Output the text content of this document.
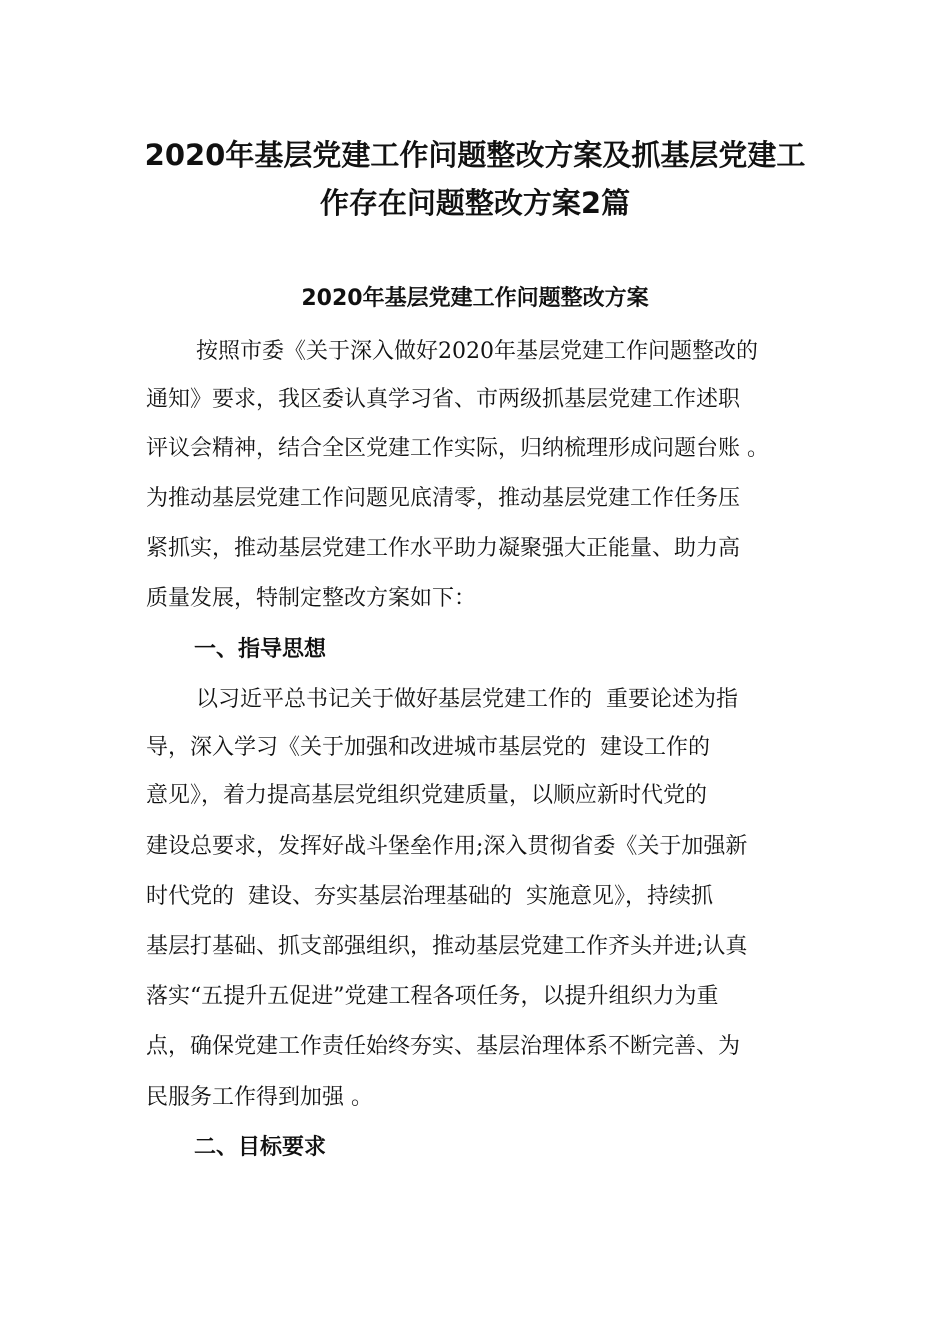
2020年基层党建工作问题整改方案及抓基层党建工
作存在问题整改方案2篇
2020年基层党建工作问题整改方案
按照市委《关于深入做好2020年基层党建工作问题整改的
通知》要求，我区委认真学习省、市两级抓基层党建工作述职
评议会精神，结合全区党建工作实际，归纳梳理形成问题台账 。
为推动基层党建工作问题见底清零，推动基层党建工作任务压
紧抓实，推动基层党建工作水平助力凝聚强大正能量、助力高
质量发展，特制定整改方案如下：
一、指导思想
以习近平总书记关于做好基层党建工作的  重要论述为指
导，深入学习《关于加强和改进城市基层党的  建设工作的
意见》，着力提高基层党组织党建质量，以顺应新时代党的
建设总要求，发挥好战斗堡垒作用;深入贯彻省委《关于加强新
时代党的  建设、夯实基层治理基础的  实施意见》，持续抓
基层打基础、抓支部强组织，推动基层党建工作齐头并进;认真
落实“五提升五促进”党建工程各项任务，以提升组织力为重
点，确保党建工作责任始终夯实、基层治理体系不断完善、为
民服务工作得到加强 。
二、目标要求
